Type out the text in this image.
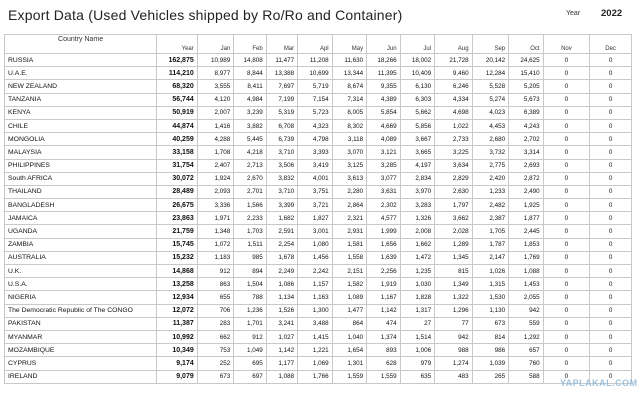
Export Data (Used Vehicles shipped by Ro/Ro and Container)	Year 2022
Country Name	Year	Jan	Feb	Mar	Apl	May	Jun	Jul	Aug	Sep	Oct	Nov	Dec
RUSSIA	162,875	10,989	14,808	11,477	11,208	11,630	18,266	18,002	21,728	20,142	24,625	0	0
U.A.E.	114,210	8,977	8,844	13,388	10,699	13,344	11,395	10,409	9,460	12,284	15,410	0	0
NEW ZEALAND	68,320	3,555	8,411	7,697	5,719	8,674	9,355	6,130	6,246	5,528	5,205	0	0
TANZANIA	56,744	4,120	4,984	7,199	7,154	7,314	4,389	6,303	4,334	5,274	5,673	0	0
KENYA	50,919	2,007	3,239	5,319	5,723	8,005	5,854	5,662	4,698	4,023	6,389	0	0
CHILE	44,874	1,416	3,882	6,708	4,323	8,302	4,669	5,856	1,022	4,453	4,243	0	0
MONGOLIA	40,259	4,288	5,445	6,739	4,798	3,118	4,089	3,667	2,733	2,680	2,702	0	0
MALAYSIA	33,158	1,708	4,218	3,710	3,393	3,070	3,121	3,665	3,225	3,732	3,314	0	0
PHILIPPINES	31,754	2,407	2,713	3,506	3,419	3,125	3,285	4,197	3,634	2,775	2,693	0	0
South AFRICA	30,072	1,924	2,670	3,832	4,001	3,613	3,077	2,834	2,829	2,420	2,872	0	0
THAILAND	28,489	2,093	2,701	3,710	3,751	2,280	3,631	3,970	2,630	1,233	2,490	0	0
BANGLADESH	26,675	3,336	1,566	3,399	3,721	2,864	2,302	3,283	1,797	2,482	1,925	0	0
JAMAICA	23,863	1,971	2,233	1,682	1,827	2,321	4,577	1,326	3,662	2,387	1,877	0	0
UGANDA	21,759	1,348	1,703	2,591	3,001	2,931	1,999	2,008	2,028	1,705	2,445	0	0
ZAMBIA	15,745	1,072	1,511	2,254	1,080	1,581	1,656	1,662	1,289	1,787	1,853	0	0
AUSTRALIA	15,232	1,183	985	1,678	1,456	1,558	1,639	1,472	1,345	2,147	1,769	0	0
U.K.	14,868	912	894	2,249	2,242	2,151	2,256	1,235	815	1,026	1,088	0	0
U.S.A.	13,258	863	1,504	1,086	1,157	1,582	1,919	1,030	1,349	1,315	1,453	0	0
NIGERIA	12,934	655	788	1,134	1,163	1,089	1,167	1,828	1,322	1,530	2,055	0	0
The Democratic Republic of The CONGO	12,072	706	1,236	1,526	1,300	1,477	1,142	1,317	1,296	1,130	942	0	0
PAKISTAN	11,387	283	1,701	3,241	3,488	864	474	27	77	673	559	0	0
MYANMAR	10,992	662	912	1,027	1,415	1,040	1,374	1,514	942	814	1,292	0	0
MOZAMBIQUE	10,349	753	1,049	1,142	1,221	1,654	893	1,006	988	986	657	0	0
CYPRUS	9,174	252	695	1,177	1,069	1,301	628	979	1,274	1,039	760	0	0
IRELAND	9,079	673	697	1,088	1,766	1,559	1,559	635	483	265	588	0	0
YAPLAKAL.COM
